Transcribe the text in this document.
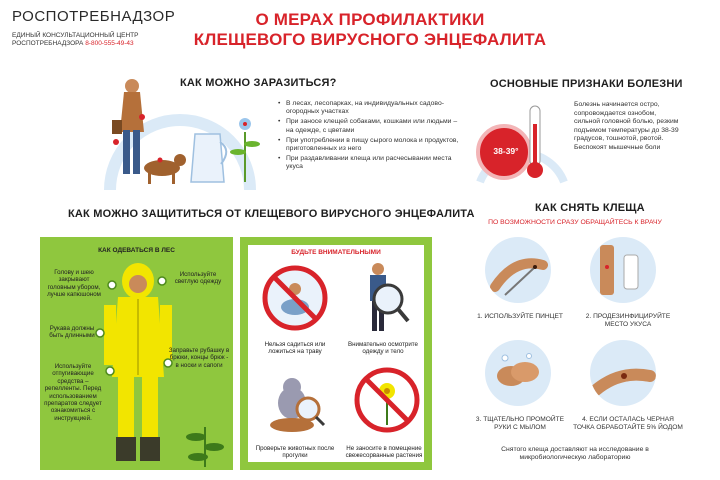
РОСПОТРЕБНАДЗОР
ЕДИНЫЙ КОНСУЛЬТАЦИОННЫЙ ЦЕНТР
РОСПОТРЕБНАДЗОРА 8-800-555-49-43
О МЕРАХ ПРОФИЛАКТИКИ
КЛЕЩЕВОГО ВИРУСНОГО ЭНЦЕФАЛИТА
КАК МОЖНО ЗАРАЗИТЬСЯ?
• В лесах, лесопарках, на индивидуальных садово-огородных участках
• При заносе клещей собаками, кошками или людьми – на одежде, с цветами
• При употреблении в пищу сырого молока и продуктов, приготовленных из него
• При раздавливании клеща или расчесывании места укуса
ОСНОВНЫЕ ПРИЗНАКИ БОЛЕЗНИ
38-39°
Болезнь начинается остро, сопровождается ознобом, сильной головной болью, резким подъемом температуры до 38-39 градусов, тошнотой, рвотой. Беспокоят мышечные боли
КАК МОЖНО ЗАЩИТИТЬСЯ ОТ КЛЕЩЕВОГО ВИРУСНОГО ЭНЦЕФАЛИТА
КАК ОДЕВАТЬСЯ В ЛЕС
Голову и шею закрывают головным убором, лучше капюшоном
Используйте светлую одежду
Рукава должны быть длинными
Используйте отпугивающие средства – репелленты. Перед использованием препаратов следует ознакомиться с инструкцией.
Заправьте рубашку в брюки, концы брюк - в носки и сапоги
БУДЬТЕ ВНИМАТЕЛЬНЫМИ
Нельзя садиться или ложиться на траву
Внимательно осмотрите одежду и тело
Проверьте животных после прогулки
Не заносите в помещение свежесорванные растения
КАК СНЯТЬ КЛЕЩА
ПО ВОЗМОЖНОСТИ СРАЗУ ОБРАЩАЙТЕСЬ К ВРАЧУ
1. ИСПОЛЬЗУЙТЕ ПИНЦЕТ	2. ПРОДЕЗИНФИЦИРУЙТЕ МЕСТО УКУСА
3. ТЩАТЕЛЬНО ПРОМОЙТЕ РУКИ С МЫЛОМ
4. ЕСЛИ ОСТАЛАСЬ ЧЕРНАЯ ТОЧКА ОБРАБОТАЙТЕ 5% ЙОДОМ
Снятого клеща доставляют на исследование в микробиологическую лабораторию
